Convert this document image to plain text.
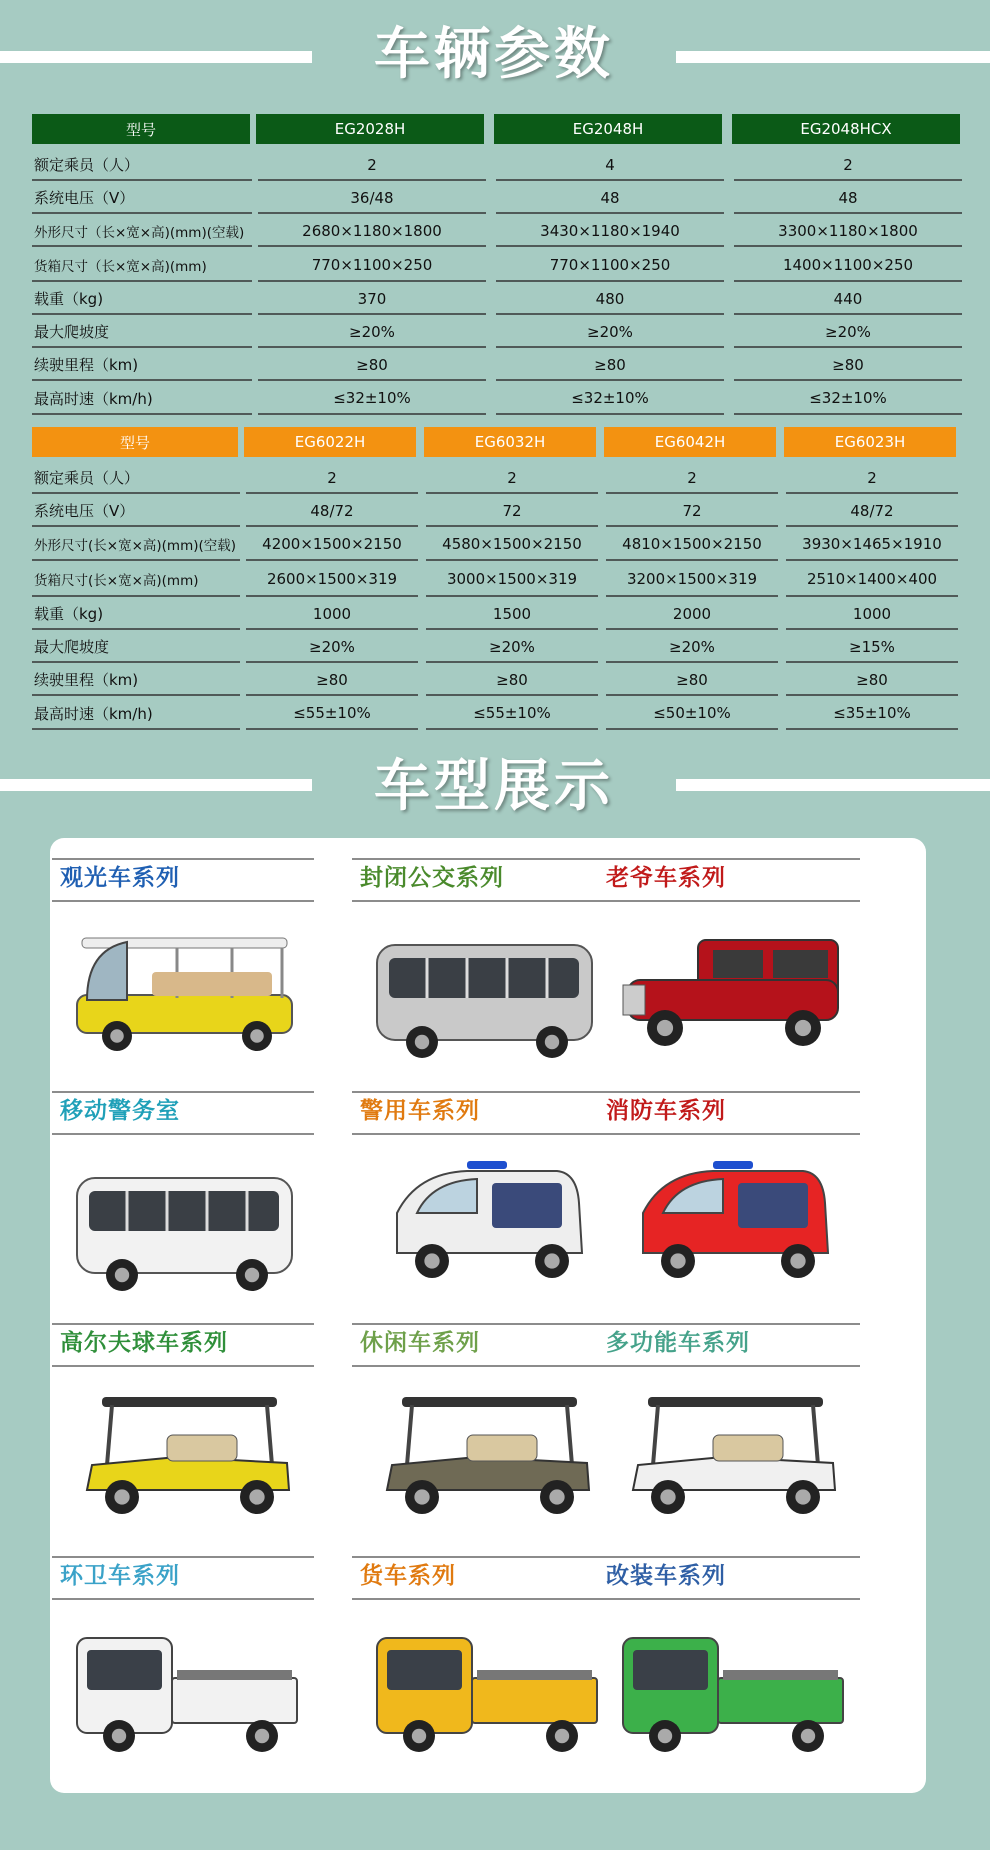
车辆参数
型号	EG2028H	EG2048H	EG2048HCX
额定乘员（人）	2	4	2
系统电压（V）	36/48	48	48
外形尺寸（长×宽×高)(mm)(空载)	2680×1180×1800	3430×1180×1940	3300×1180×1800
货箱尺寸（长×宽×高)(mm)	770×1100×250	770×1100×250	1400×1100×250
载重（kg)	370	480	440
最大爬坡度	≥20%	≥20%	≥20%
续驶里程（km)	≥80	≥80	≥80
最高时速（km/h)	≤32±10%	≤32±10%	≤32±10%
型号	EG6022H	EG6032H	EG6042H	EG6023H
额定乘员（人）	2	2	2	2
系统电压（V）	48/72	72	72	48/72
外形尺寸(长×宽×高)(mm)(空载)	4200×1500×2150	4580×1500×2150	4810×1500×2150	3930×1465×1910
货箱尺寸(长×宽×高)(mm)	2600×1500×319	3000×1500×319	3200×1500×319	2510×1400×400
载重（kg)	1000	1500	2000	1000
最大爬坡度	≥20%	≥20%	≥20%	≥15%
续驶里程（km)	≥80	≥80	≥80	≥80
最高时速（km/h)	≤55±10%	≤55±10%	≤50±10%	≤35±10%
车型展示
观光车系列	封闭公交系列	老爷车系列
移动警务室	警用车系列	消防车系列
高尔夫球车系列	休闲车系列	多功能车系列
环卫车系列	货车系列	改装车系列
